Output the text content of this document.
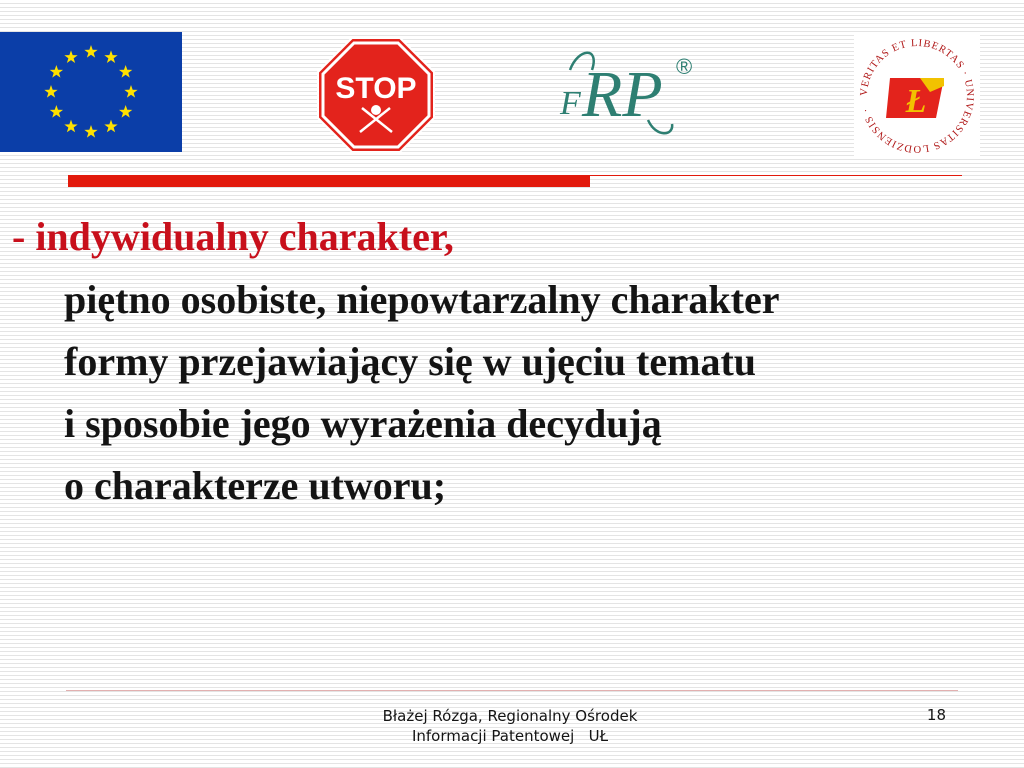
STOP	F RP ®
VERITAS ET LIBERTAS · UNIVERSITAS LODZIENSIS · Ł

- indywidualny charakter,

piętno osobiste, niepowtarzalny charakter

formy przejawiający się w ujęciu tematu

i sposobie jego wyrażenia decydują

o charakterze utworu;

Błażej Rózga, Regionalny Ośrodek
Informacji Patentowej   UŁ
18
